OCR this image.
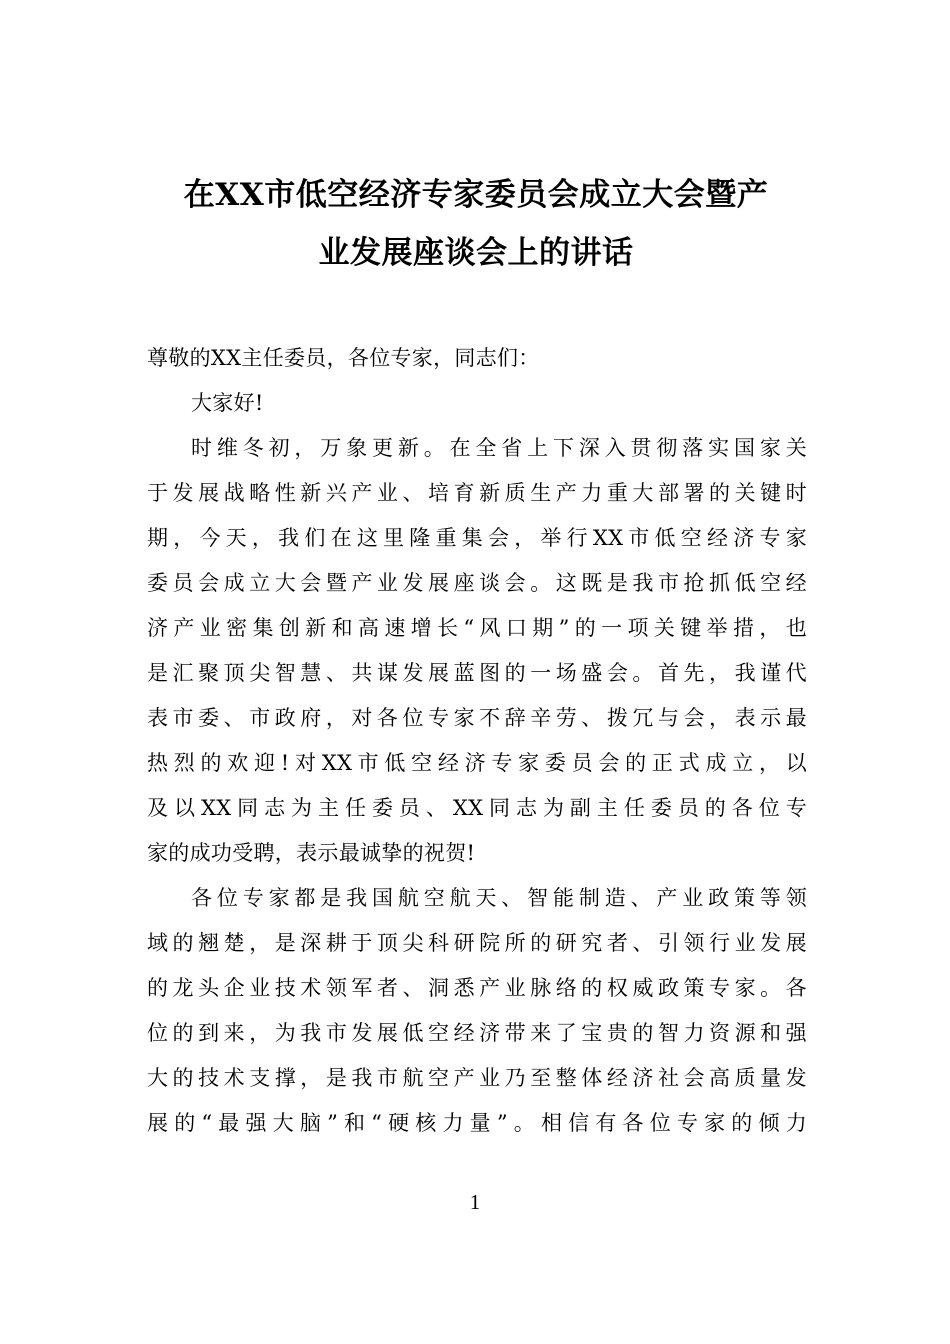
在XX市低空经济专家委员会成立大会暨产
业发展座谈会上的讲话
尊敬的XX主任委员，各位专家，同志们：
大家好!
时维冬初，万象更新。在全省上下深入贯彻落实国家关
于发展战略性新兴产业、培育新质生产力重大部署的关键时
期，今天，我们在这里隆重集会，举行XX市低空经济专家
委员会成立大会暨产业发展座谈会。这既是我市抢抓低空经
济产业密集创新和高速增长“风口期”的一项关键举措，也
是汇聚顶尖智慧、共谋发展蓝图的一场盛会。首先，我谨代
表市委、市政府，对各位专家不辞辛劳、拨冗与会，表示最
热烈的欢迎!对XX市低空经济专家委员会的正式成立，以
及以XX同志为主任委员、XX同志为副主任委员的各位专
家的成功受聘，表示最诚挚的祝贺!
各位专家都是我国航空航天、智能制造、产业政策等领
域的翘楚，是深耕于顶尖科研院所的研究者、引领行业发展
的龙头企业技术领军者、洞悉产业脉络的权威政策专家。各
位的到来，为我市发展低空经济带来了宝贵的智力资源和强
大的技术支撑，是我市航空产业乃至整体经济社会高质量发
展的“最强大脑”和“硬核力量”。相信有各位专家的倾力
1
